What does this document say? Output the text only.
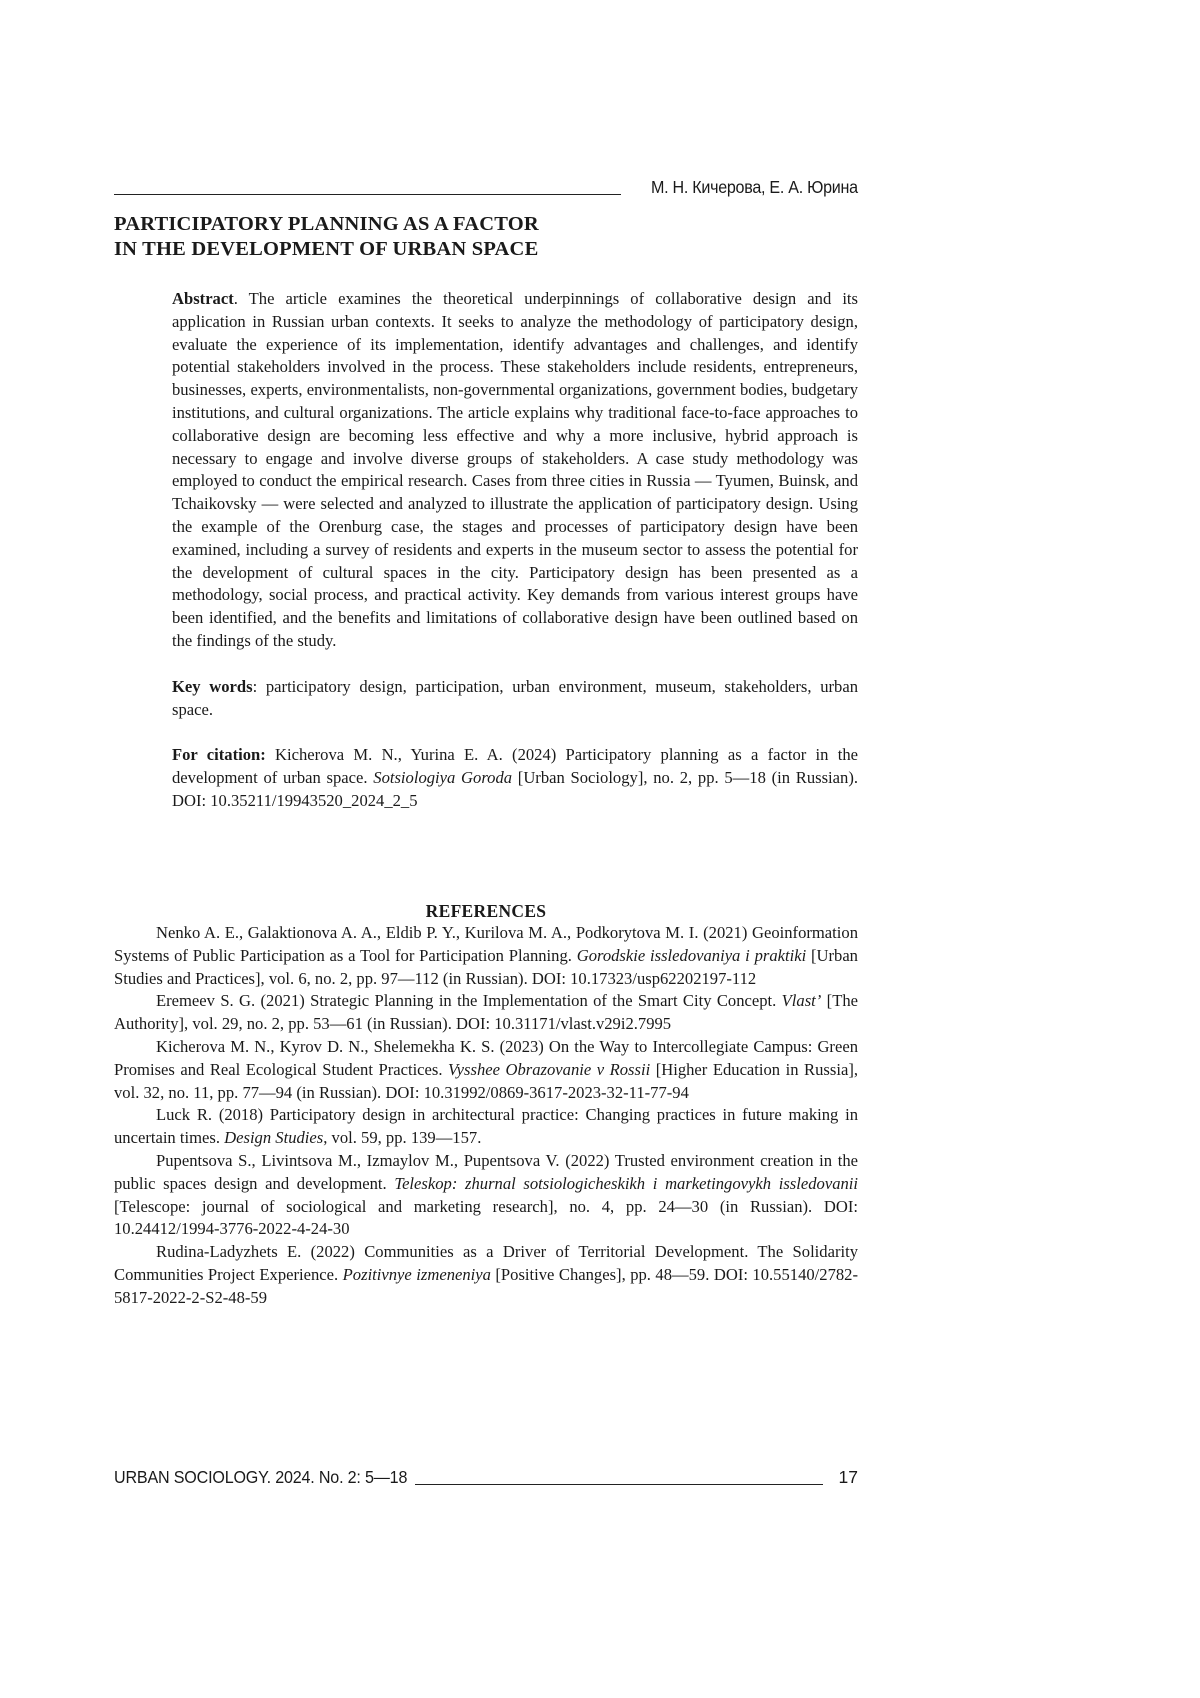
М. Н. Кичерова, Е. А. Юрина
PARTICIPATORY PLANNING AS A FACTOR
IN THE DEVELOPMENT OF URBAN SPACE

Abstract. The article examines the theoretical underpinnings of collaborative design and its application in Russian urban contexts. It seeks to analyze the methodology of participatory design, evaluate the experience of its implementation, identify advantages and challenges, and identify potential stakeholders involved in the process. These stakeholders include residents, entrepreneurs, businesses, experts, environmentalists, non-governmental organizations, government bodies, budgetary institutions, and cultural organizations. The article explains why traditional face-to-face approaches to collaborative design are becoming less effective and why a more inclusive, hybrid approach is necessary to engage and involve diverse groups of stakeholders. A case study methodology was employed to conduct the empirical research. Cases from three cities in Russia — Tyumen, Buinsk, and Tchaikovsky — were selected and analyzed to illustrate the application of participatory design. Using the example of the Orenburg case, the stages and processes of participatory design have been examined, including a survey of residents and experts in the museum sector to assess the potential for the development of cultural spaces in the city. Participatory design has been presented as a methodology, social process, and practical activity. Key demands from various interest groups have been identified, and the benefits and limitations of collaborative design have been outlined based on the findings of the study.

Key words: participatory design, participation, urban environment, museum, stakeholders, urban space.

For citation: Kicherova M. N., Yurina E. A. (2024) Participatory planning as a factor in the development of urban space. Sotsiologiya Goroda [Urban Sociology], no. 2, pp. 5—18 (in Russian). DOI: 10.35211/19943520_2024_2_5

REFERENCES

Nenko A. E., Galaktionova A. A., Eldib P. Y., Kurilova M. A., Podkorytova M. I. (2021) Geoinformation Systems of Public Participation as a Tool for Participation Planning. Gorodskie issledovaniya i praktiki [Urban Studies and Practices], vol. 6, no. 2, pp. 97—112 (in Russian). DOI: 10.17323/usp62202197-112

Eremeev S. G. (2021) Strategic Planning in the Implementation of the Smart City Concept. Vlast’ [The Authority], vol. 29, no. 2, pp. 53—61 (in Russian). DOI: 10.31171/vlast.v29i2.7995

Kicherova M. N., Kyrov D. N., Shelemekha K. S. (2023) On the Way to Intercollegiate Campus: Green Promises and Real Ecological Student Practices. Vysshee Obrazovanie v Rossii [Higher Education in Russia], vol. 32, no. 11, pp. 77—94 (in Russian). DOI: 10.31992/0869-3617-2023-32-11-77-94

Luck R. (2018) Participatory design in architectural practice: Changing practices in future making in uncertain times. Design Studies, vol. 59, pp. 139—157.

Pupentsova S., Livintsova M., Izmaylov M., Pupentsova V. (2022) Trusted environment creation in the public spaces design and development. Teleskop: zhurnal sotsiologicheskikh i marketingovykh issledovanii [Telescope: journal of sociological and marketing research], no. 4, pp. 24—30 (in Russian). DOI: 10.24412/1994-3776-2022-4-24-30

Rudina-Ladyzhets E. (2022) Communities as a Driver of Territorial Development. The Solidarity Communities Project Experience. Pozitivnye izmeneniya [Positive Changes], pp. 48—59. DOI: 10.55140/2782-5817-2022-2-S2-48-59

URBAN SOCIOLOGY. 2024. No. 2: 5—18	17
